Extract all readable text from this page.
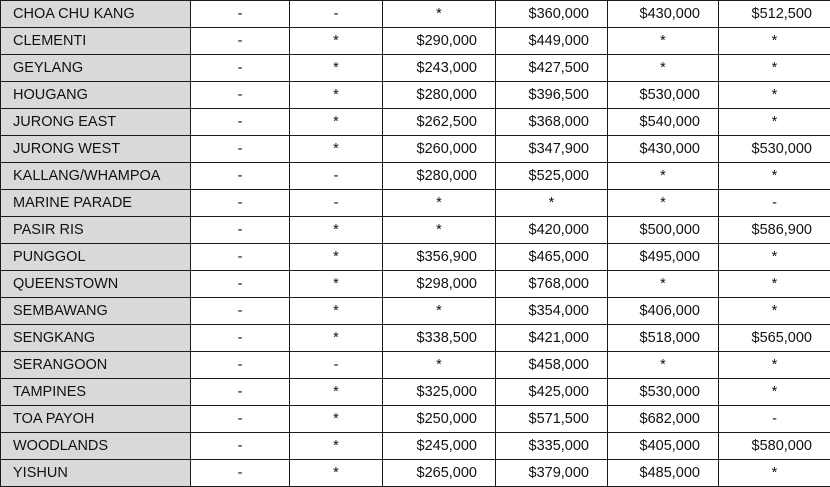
CHOA CHU KANG	-	-	*	$360,000	$430,000	$512,500
CLEMENTI	-	*	$290,000	$449,000	*	*
GEYLANG	-	*	$243,000	$427,500	*	*
HOUGANG	-	*	$280,000	$396,500	$530,000	*
JURONG EAST	-	*	$262,500	$368,000	$540,000	*
JURONG WEST	-	*	$260,000	$347,900	$430,000	$530,000
KALLANG/WHAMPOA	-	-	$280,000	$525,000	*	*
MARINE PARADE	-	-	*	*	*	-
PASIR RIS	-	*	*	$420,000	$500,000	$586,900
PUNGGOL	-	*	$356,900	$465,000	$495,000	*
QUEENSTOWN	-	*	$298,000	$768,000	*	*
SEMBAWANG	-	*	*	$354,000	$406,000	*
SENGKANG	-	*	$338,500	$421,000	$518,000	$565,000
SERANGOON	-	-	*	$458,000	*	*
TAMPINES	-	*	$325,000	$425,000	$530,000	*
TOA PAYOH	-	*	$250,000	$571,500	$682,000	-
WOODLANDS	-	*	$245,000	$335,000	$405,000	$580,000
YISHUN	-	*	$265,000	$379,000	$485,000	*
